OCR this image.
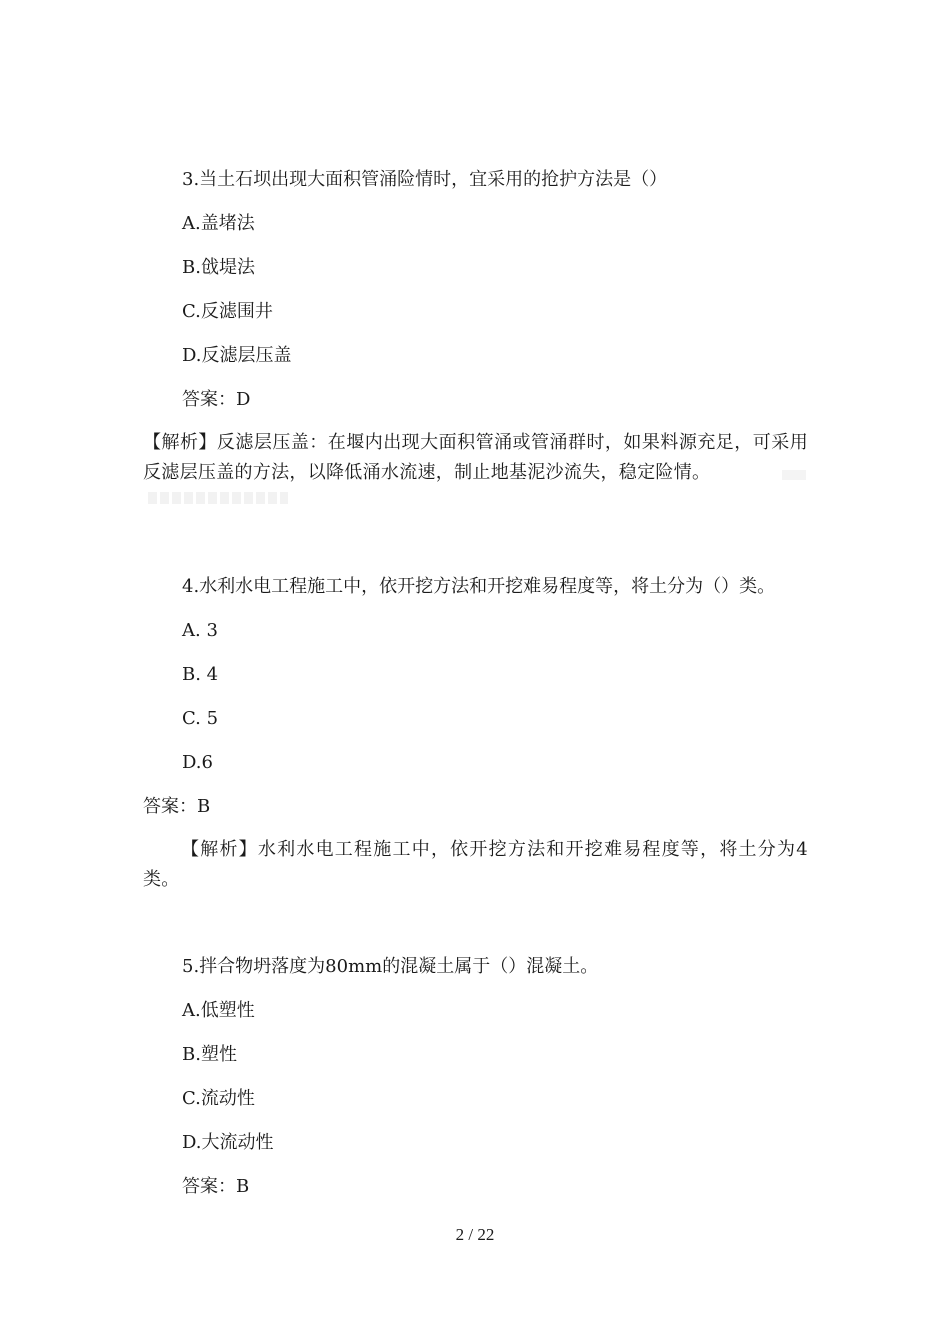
3.当土石坝出现大面积管涌险情时，宜采用的抢护方法是（）
A.盖堵法
B.戗堤法
C.反滤围井
D.反滤层压盖
答案：D
【解析】反滤层压盖：在堰内出现大面积管涌或管涌群时，如果料源充足，可采用反滤层压盖的方法，以降低涌水流速，制止地基泥沙流失，稳定险情。
4.水利水电工程施工中，依开挖方法和开挖难易程度等，将土分为（）类。
A. 3
B. 4
C. 5
D.6
答案：B
【解析】水利水电工程施工中，依开挖方法和开挖难易程度等，将土分为4类。
5.拌合物坍落度为80mm的混凝土属于（）混凝土。
A.低塑性
B.塑性
C.流动性
D.大流动性
答案：B
2 / 22
